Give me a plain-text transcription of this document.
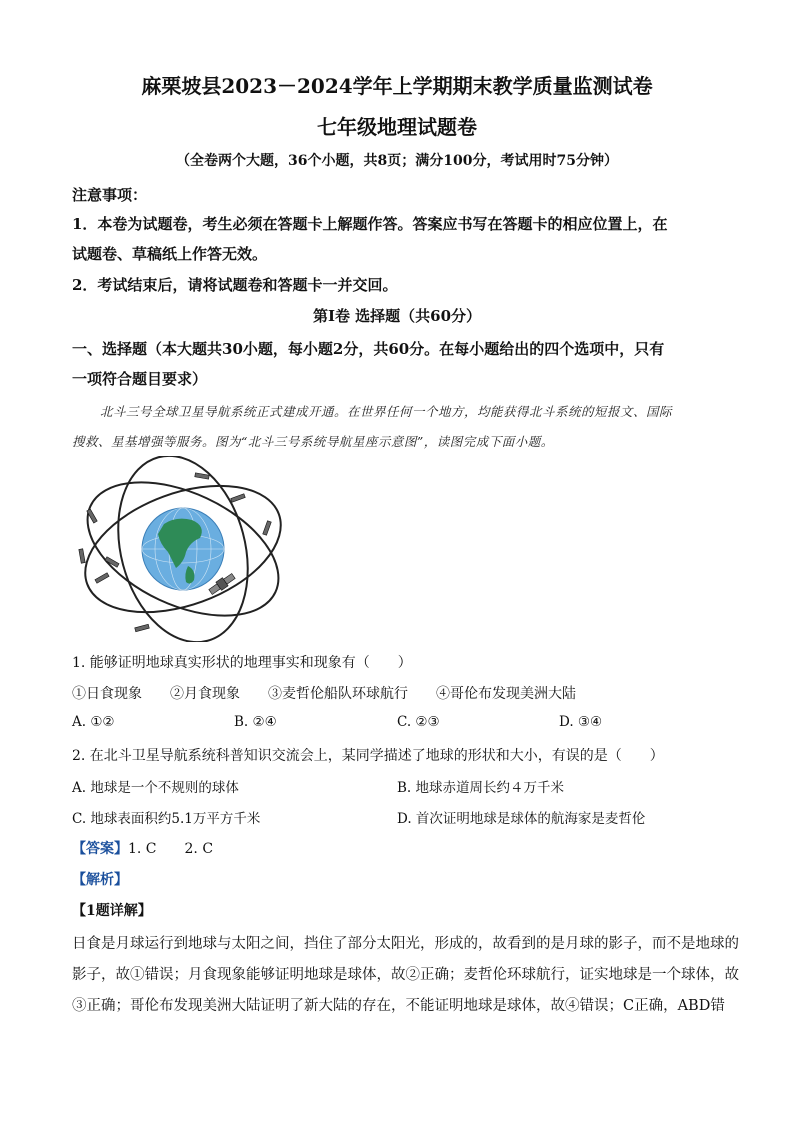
麻栗坡县2023－2024学年上学期期末教学质量监测试卷
七年级地理试题卷
（全卷两个大题，36个小题，共8页；满分100分，考试用时75分钟）
注意事项：
1．本卷为试题卷，考生必须在答题卡上解题作答。答案应书写在答题卡的相应位置上，在
试题卷、草稿纸上作答无效。
2．考试结束后，请将试题卷和答题卡一并交回。
第Ⅰ卷 选择题（共60分）
一、选择题（本大题共30小题，每小题2分，共60分。在每小题给出的四个选项中，只有
一项符合题目要求）
北斗三号全球卫星导航系统正式建成开通。在世界任何一个地方，均能获得北斗系统的短报文、国际
搜救、星基增强等服务。图为“北斗三号系统导航星座示意图”，读图完成下面小题。
1. 能够证明地球真实形状的地理事实和现象有（　　）
①日食现象　　②月食现象　　③麦哲伦船队环球航行　　④哥伦布发现美洲大陆
A. ①②	B. ②④	C. ②③	D. ③④
2. 在北斗卫星导航系统科普知识交流会上，某同学描述了地球的形状和大小，有误的是（　　）
A. 地球是一个不规则的球体	B. 地球赤道周长约４万千米
C. 地球表面积约5.1万平方千米	D. 首次证明地球是球体的航海家是麦哲伦
【答案】1. C　　2. C
【解析】
【1题详解】
日食是月球运行到地球与太阳之间，挡住了部分太阳光，形成的，故看到的是月球的影子，而不是地球的
影子，故①错误；月食现象能够证明地球是球体，故②正确；麦哲伦环球航行，证实地球是一个球体，故
③正确；哥伦布发现美洲大陆证明了新大陆的存在，不能证明地球是球体，故④错误；C正确，ABD错
